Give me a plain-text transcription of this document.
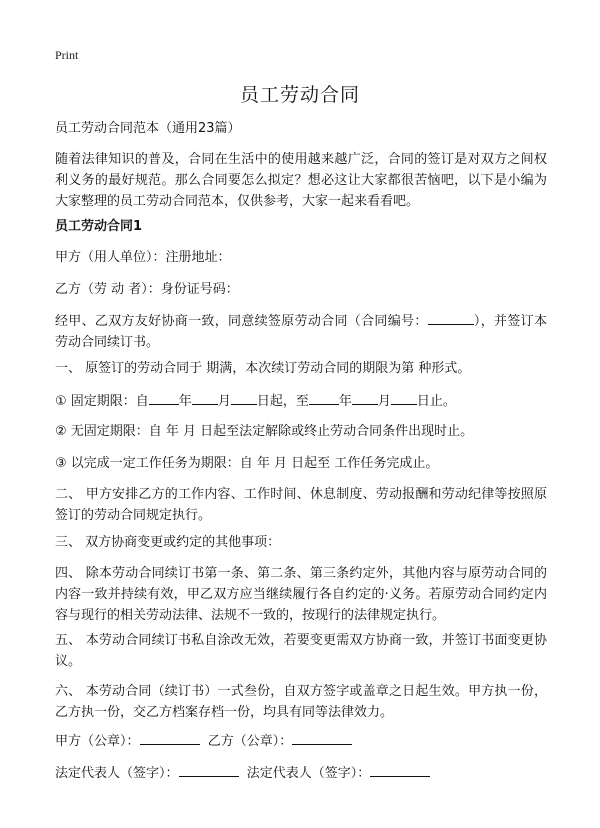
Print
员工劳动合同

员工劳动合同范本（通用23篇）

随着法律知识的普及，合同在生活中的使用越来越广泛，合同的签订是对双方之间权利义务的最好规范。那么合同要怎么拟定？想必这让大家都很苦恼吧，以下是小编为大家整理的员工劳动合同范本，仅供参考，大家一起来看看吧。

员工劳动合同1

甲方（用人单位）：注册地址：

乙方（劳 动 者）：身份证号码：

经甲、乙双方友好协商一致，同意续签原劳动合同（合同编号：	），并签订本劳动合同续订书。

一、 原签订的劳动合同于 期满，本次续订劳动合同的期限为第 种形式。

① 固定期限：自 年 月 日起，至 年 月 日止。

② 无固定期限：自 年 月 日起至法定解除或终止劳动合同条件出现时止。

③ 以完成一定工作任务为期限：自 年 月 日起至 工作任务完成止。

二、 甲方安排乙方的工作内容、工作时间、休息制度、劳动报酬和劳动纪律等按照原签订的劳动合同规定执行。

三、 双方协商变更或约定的其他事项：

四、 除本劳动合同续订书第一条、第二条、第三条约定外，其他内容与原劳动合同的内容一致并持续有效，甲乙双方应当继续履行各自约定的·义务。若原劳动合同约定内容与现行的相关劳动法律、法规不一致的，按现行的法律规定执行。

五、 本劳动合同续订书私自涂改无效，若要变更需双方协商一致，并签订书面变更协议。

六、 本劳动合同（续订书）一式叁份，自双方签字或盖章之日起生效。甲方执一份，乙方执一份，交乙方档案存档一份，均具有同等法律效力。

甲方（公章）：	乙方（公章）：

法定代表人（签字）：	法定代表人（签字）：
